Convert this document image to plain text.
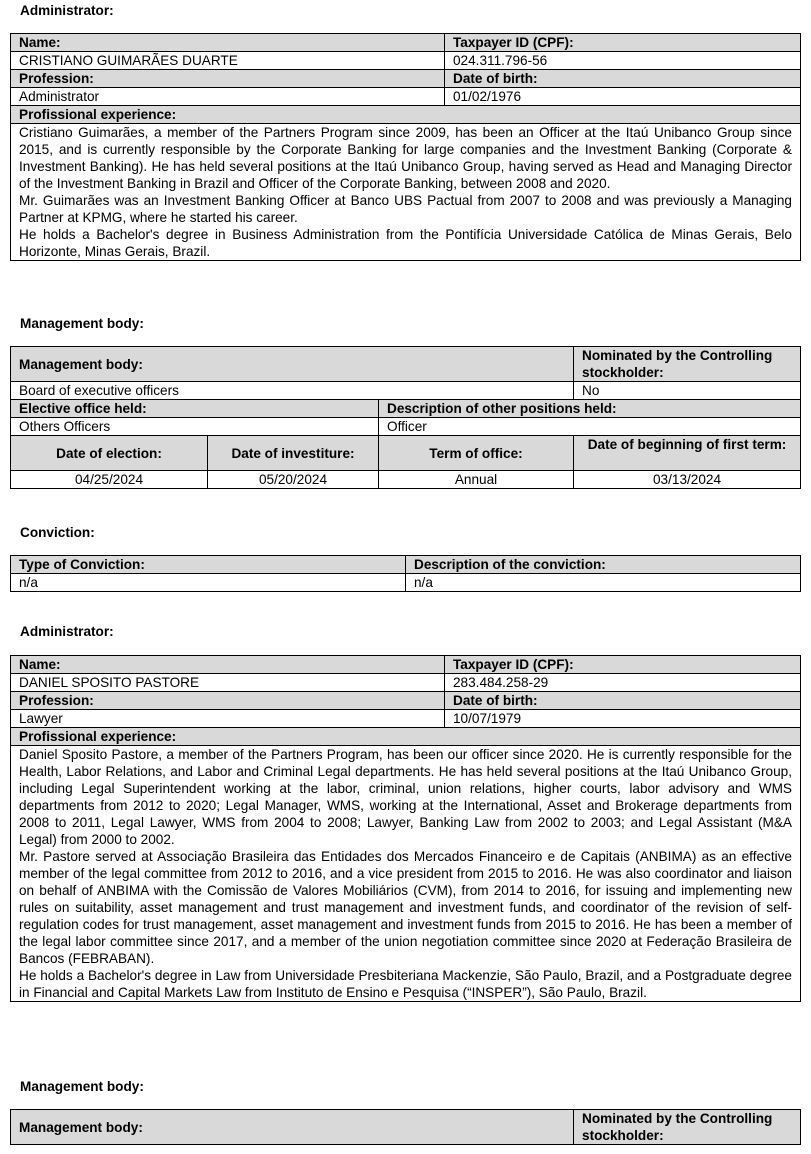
Administrator:
Name:	Taxpayer ID (CPF):
CRISTIANO GUIMARÃES DUARTE	024.311.796-56
Profession:	Date of birth:
Administrator	01/02/1976
Profissional experience:	

Cristiano Guimarães, a member of the Partners Program since 2009, has been an Officer at the Itaú Unibanco Group since 2015, and is currently responsible by the Corporate Banking for large companies and the Investment Banking (Corporate & Investment Banking). He has held several positions at the Itaú Unibanco Group, having served as Head and Managing Director of the Investment Banking in Brazil and Officer of the Corporate Banking, between 2008 and 2020.

Mr. Guimarães was an Investment Banking Officer at Banco UBS Pactual from 2007 to 2008 and was previously a Managing Partner at KPMG, where he started his career.

He holds a Bachelor's degree in Business Administration from the Pontifícia Universidade Católica de Minas Gerais, Belo Horizonte, Minas Gerais, Brazil.	

Management body:
Management body:			Nominated by the Controlling stockholder:
Board of executive officers			No
Elective office held:		Description of other positions held:	
Others Officers		Officer	
Date of election:	Date of investiture:	Term of office:	Date of beginning of first term:
04/25/2024	05/20/2024	Annual	03/13/2024
Conviction:
Type of Conviction:	Description of the conviction:
n/a	n/a
Administrator:
Name:	Taxpayer ID (CPF):
DANIEL SPOSITO PASTORE	283.484.258-29
Profession:	Date of birth:
Lawyer	10/07/1979
Profissional experience:	

Daniel Sposito Pastore, a member of the Partners Program, has been our officer since 2020. He is currently responsible for the Health, Labor Relations, and Labor and Criminal Legal departments. He has held several positions at the Itaú Unibanco Group, including Legal Superintendent working at the labor, criminal, union relations, higher courts, labor advisory and WMS departments from 2012 to 2020; Legal Manager, WMS, working at the International, Asset and Brokerage departments from 2008 to 2011, Legal Lawyer, WMS from 2004 to 2008; Lawyer, Banking Law from 2002 to 2003; and Legal Assistant (M&A Legal) from 2000 to 2002.

Mr. Pastore served at Associação Brasileira das Entidades dos Mercados Financeiro e de Capitais (ANBIMA) as an effective member of the legal committee from 2012 to 2016, and a vice president from 2015 to 2016. He was also coordinator and liaison on behalf of ANBIMA with the Comissão de Valores Mobiliários (CVM), from 2014 to 2016, for issuing and implementing new rules on suitability, asset management and trust management and investment funds, and coordinator of the revision of self-regulation codes for trust management, asset management and investment funds from 2015 to 2016. He has been a member of the legal labor committee since 2017, and a member of the union negotiation committee since 2020 at Federação Brasileira de Bancos (FEBRABAN).

He holds a Bachelor's degree in Law from Universidade Presbiteriana Mackenzie, São Paulo, Brazil, and a Postgraduate degree in Financial and Capital Markets Law from Instituto de Ensino e Pesquisa (“INSPER”), São Paulo, Brazil.	

Management body:
Management body:	Nominated by the Controlling stockholder:
